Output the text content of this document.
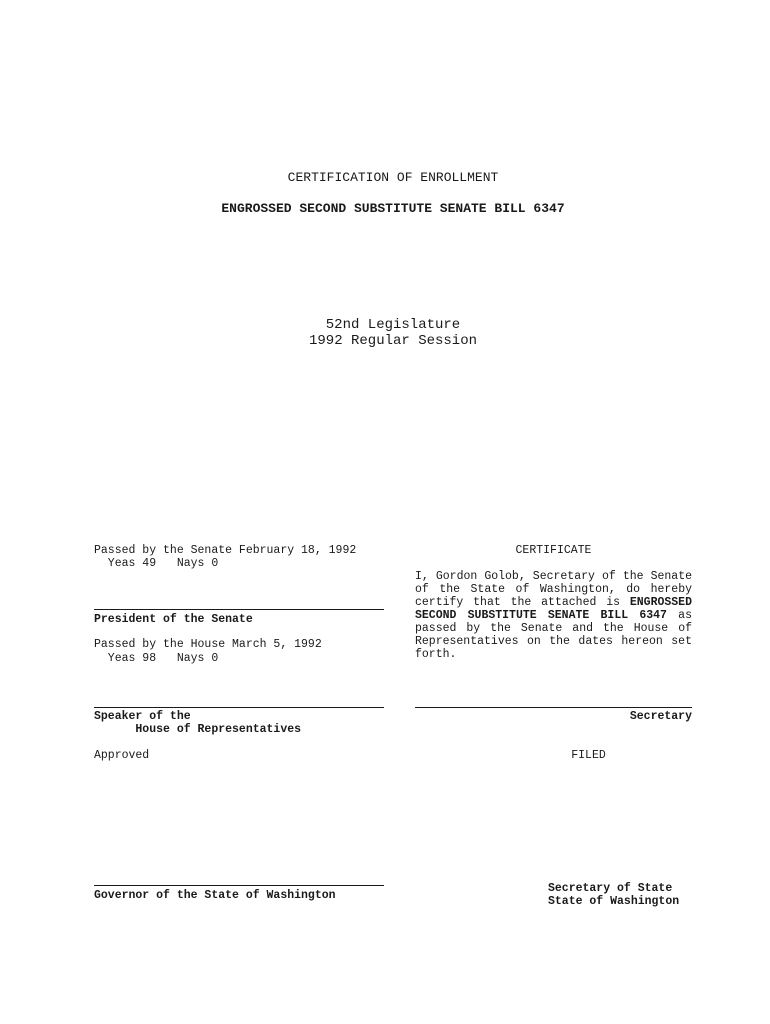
CERTIFICATION OF ENROLLMENT
ENGROSSED SECOND SUBSTITUTE SENATE BILL 6347
52nd Legislature
1992 Regular Session
Passed by the Senate February 18, 1992
Yeas 49   Nays 0
President of the Senate
Passed by the House March 5, 1992
Yeas 98   Nays 0
Speaker of the
House of Representatives
Approved
Governor of the State of Washington
CERTIFICATE
I, Gordon Golob, Secretary of the Senate of the State of Washington, do hereby certify that the attached is ENGROSSED SECOND SUBSTITUTE SENATE BILL 6347 as passed by the Senate and the House of Representatives on the dates hereon set forth.
Secretary
FILED
Secretary of State
State of Washington
